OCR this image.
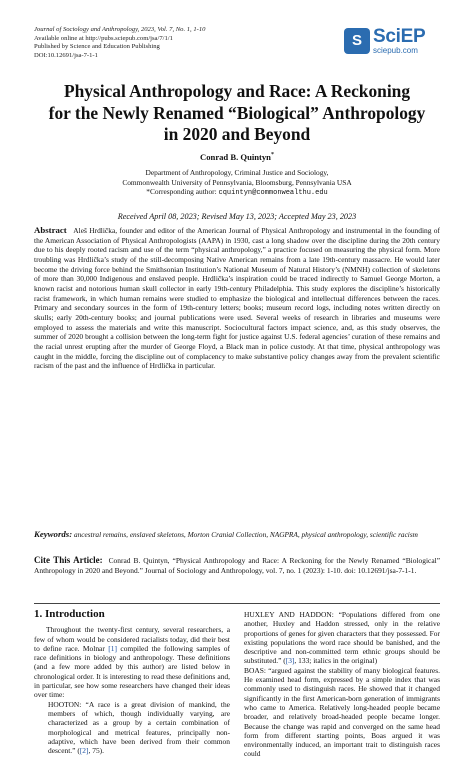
Journal of Sociology and Anthropology, 2023, Vol. 7, No. 1, 1-10
Available online at http://pubs.sciepub.com/jsa/7/1/1
Published by Science and Education Publishing
DOI:10.12691/jsa-7-1-1
S SciEP
sciepub.com
Physical Anthropology and Race: A Reckoning
for the Newly Renamed “Biological” Anthropology
in 2020 and Beyond
Conrad B. Quintyn*
Department of Anthropology, Criminal Justice and Sociology,
Commonwealth University of Pennsylvania, Bloomsburg, Pennsylvania USA
*Corresponding author: cquintyn@commonwealthu.edu
Received April 08, 2023; Revised May 13, 2023; Accepted May 23, 2023
Abstract Aleš Hrdlička, founder and editor of the American Journal of Physical Anthropology and instrumental in the founding of the American Association of Physical Anthropologists (AAPA) in 1930, cast a long shadow over the discipline during the 20th century due to his deeply rooted racism and use of the term “physical anthropology,” a practice focused on measuring the physical form. More troubling was Hrdlička’s study of the still-decomposing Native American remains from a late 19th-century massacre. He would later become the driving force behind the Smithsonian Institution’s National Museum of Natural History’s (NMNH) collection of skeletons of more than 30,000 Indigenous and enslaved people. Hrdlička’s inspiration could be traced indirectly to Samuel George Morton, a known racist and notorious human skull collector in early 19th-century Philadelphia. This study explores the discipline’s historically racist framework, in which human remains were studied to emphasize the biological and intellectual differences between the races. Primary and secondary sources in the form of 19th-century letters; books; museum record logs, including notes written directly on skulls; early 20th-century books; and journal publications were used. Several weeks of research in libraries and museums were employed to assess the materials and write this manuscript. Sociocultural factors impact science, and, as this study observes, the summer of 2020 brought a collision between the long-term fight for justice against U.S. federal agencies’ curation of these remains and the racial unrest erupting after the murder of George Floyd, a Black man in police custody. At that time, physical anthropology was caught in the middle, forcing the discipline out of complacency to make substantive policy changes away from the prevalent scientific racism of the past and the influence of Hrdlička in particular.
Keywords: ancestral remains, enslaved skeletons, Morton Cranial Collection, NAGPRA, physical anthropology, scientific racism
Cite This Article: Conrad B. Quintyn, “Physical Anthropology and Race: A Reckoning for the Newly Renamed “Biological” Anthropology in 2020 and Beyond.” Journal of Sociology and Anthropology, vol. 7, no. 1 (2023): 1-10. doi: 10.12691/jsa-7-1-1.
1. Introduction

Throughout the twenty-first century, several researchers, a few of whom would be considered racialists today, did their best to define race. Molnar [1] compiled the following samples of race definitions in biology and anthropology. These definitions (and a few more added by this author) are listed below in chronological order. It is interesting to read these definitions and, in particular, see how some researchers have changed their ideas over time:

HOOTON: “A race is a great division of mankind, the members of which, though individually varying, are characterized as a group by a certain combination of morphological and metrical features, principally non-adaptive, which have been derived from their common descent.” ([2], 75).

HUXLEY AND HADDON: “Populations differed from one another, Huxley and Haddon stressed, only in the relative proportions of genes for given characters that they possessed. For existing populations the word race should be banished, and the descriptive and non-committed term ethnic groups should be substituted.” ([3], 133; italics in the original)

BOAS: “argued against the stability of many biological features. He examined head form, expressed by a simple index that was commonly used to distinguish races. He showed that it changed significantly in the first American-born generation of immigrants who came to America. Relatively long-headed people became broader, and relatively broad-headed people became longer. Because the change was rapid and converged on the same head form from different starting points, Boas argued it was environmentally induced, an important trait to distinguish races could
